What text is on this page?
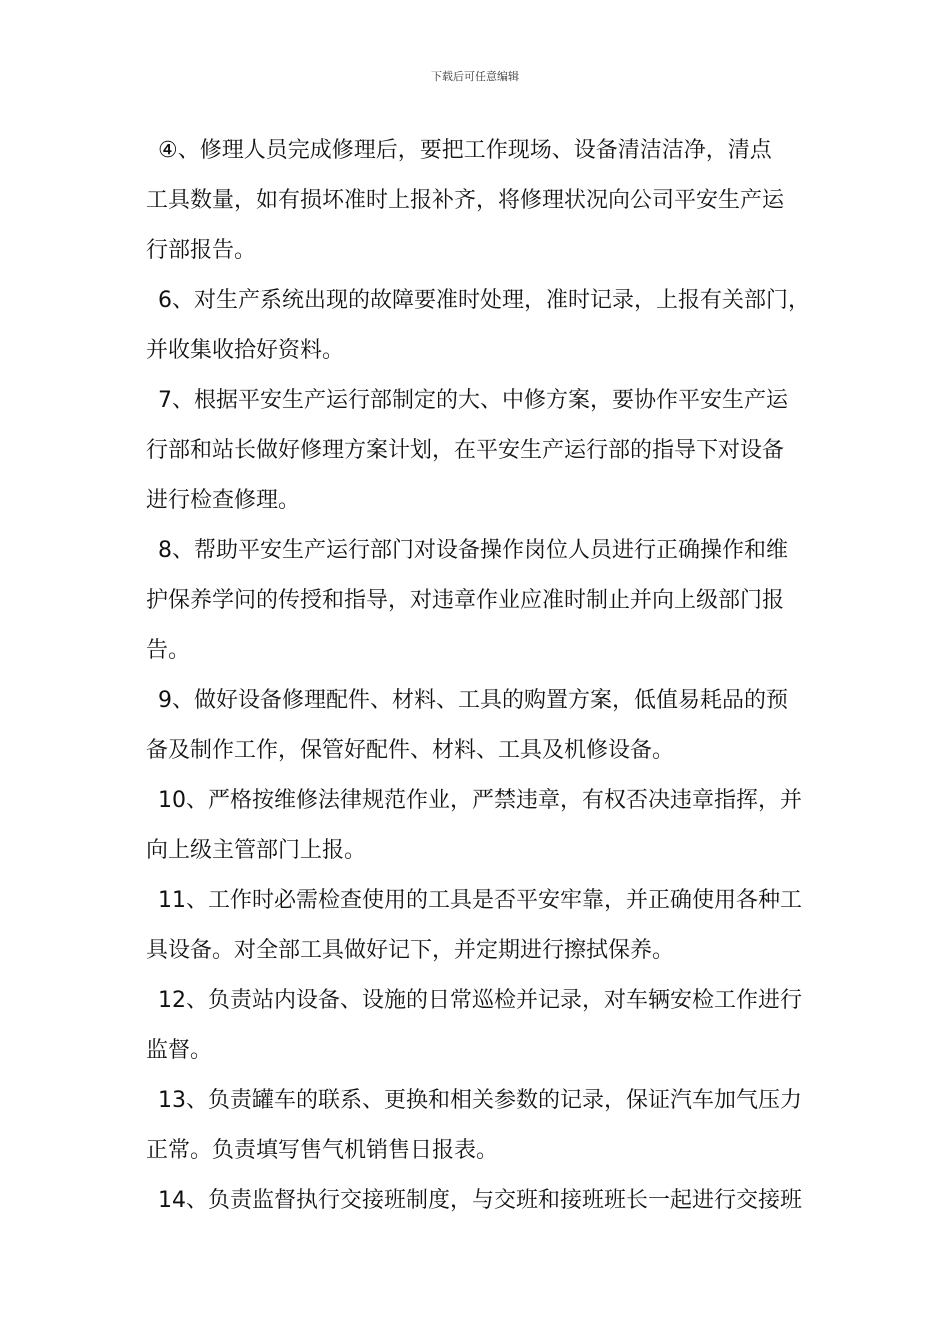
下载后可任意编辑
④、修理人员完成修理后，要把工作现场、设备清洁洁净，清点
工具数量，如有损坏准时上报补齐，将修理状况向公司平安生产运
行部报告。
6、对生产系统出现的故障要准时处理，准时记录，上报有关部门，
并收集收拾好资料。
7、根据平安生产运行部制定的大、中修方案，要协作平安生产运
行部和站长做好修理方案计划，在平安生产运行部的指导下对设备
进行检查修理。
8、帮助平安生产运行部门对设备操作岗位人员进行正确操作和维
护保养学问的传授和指导，对违章作业应准时制止并向上级部门报
告。
9、做好设备修理配件、材料、工具的购置方案，低值易耗品的预
备及制作工作，保管好配件、材料、工具及机修设备。
10、严格按维修法律规范作业，严禁违章，有权否决违章指挥，并
向上级主管部门上报。
11、工作时必需检查使用的工具是否平安牢靠，并正确使用各种工
具设备。对全部工具做好记下，并定期进行擦拭保养。
12、负责站内设备、设施的日常巡检并记录，对车辆安检工作进行
监督。
13、负责罐车的联系、更换和相关参数的记录，保证汽车加气压力
正常。负责填写售气机销售日报表。
14、负责监督执行交接班制度，与交班和接班班长一起进行交接班
